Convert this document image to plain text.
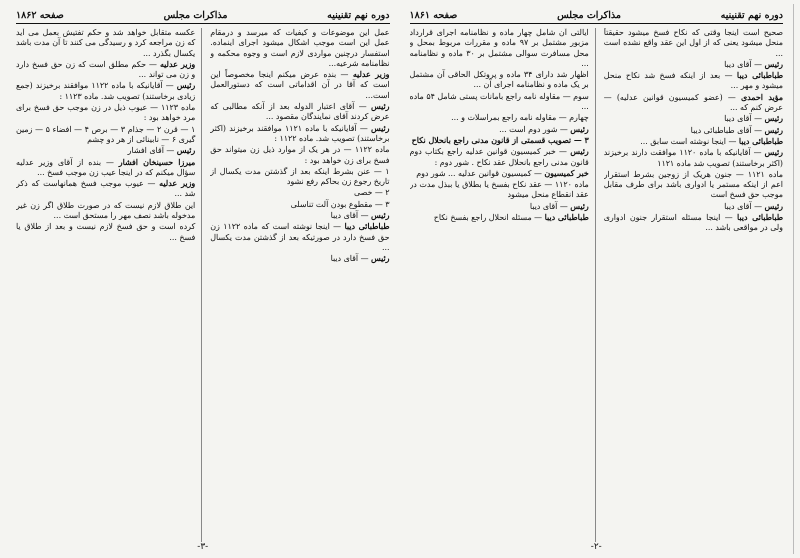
دوره نهم تقنينيه
مذاكرات مجلس
صفحه ۱۸۶۲

عمل این موضوعات و کیفیات که میرسد و درمقام عمل این است موجب اشکال میشود اجرای اینماده. استفسار درچنین مواردی لازم است و وجوه محکمه و نظامنامه شرعیه...

وزیر عدلیه — بنده عرض میکنم اینجا مخصوصاً این است که آقا در آن اقداماتی است که دستورالعمل است...

رئیس — آقای اعتبار الدوله بعد از آنکه مطالبی که عرض کردند آقای نمایندگان مقصود ...

رئیس — آقایانیکه با ماده ۱۱۲۱ موافقند برخیزند (اکثر برخاستند) تصویب شد. ماده ۱۱۲۲ :

ماده ۱۱۲۲ — در هر یک از موارد ذیل زن میتواند حق فسخ برای زن خواهد بود :

۱ — عنن بشرط اینکه بعد از گذشتن مدت یکسال از تاریخ رجوع زن بحاکم رفع نشود

۲ — خصی

۳ — مقطوع بودن آلت تناسلی

رئیس — آقای دیبا

طباطبائی دیبا — اینجا نوشته است که ماده ۱۱۲۲ زن حق فسخ دارد در صورتیکه بعد از گذشتن مدت یکسال ...

رئیس — آقای دیبا

عکسه متقابل خواهد شد و حکم تفتیش بعمل می آید که زن مراجعه کرد و رسیدگی می کنند تا آن مدت باشد یکسال بگذرد ...

وزیر عدلیه — حکم مطلق است که زن حق فسخ دارد و زن می تواند ...

رئیس — آقایانیکه با ماده ۱۱۲۲ موافقند برخیزند (جمع زیادی برخاستند) تصویب شد. ماده ۱۱۲۳ :

ماده ۱۱۲۳ — عیوب ذیل در زن موجب حق فسخ برای مرد خواهد بود :

۱ — قرن ۲ — جذام ۳ — برص ۴ — افضاء ۵ — زمین گیری ۶ — نابینائی از هر دو چشم

رئیس — آقای افشار

میرزا حسینخان افشار — بنده از آقای وزیر عدلیه سؤال میکنم که در اینجا عیب زن موجب فسخ ...

وزیر عدلیه — عیوب موجب فسخ همانهاست که ذکر شد ...

این طلاق لازم نیست که در صورت طلاق اگر زن غیر مدخوله باشد نصف مهر را مستحق است ...

کرده است و حق فسخ لازم نیست و بعد از طلاق یا فسخ ...

-۳-
دوره نهم تقنينيه
مذاكرات مجلس
صفحه ۱۸۶۱

صحیح است اینجا وقتی که نکاح فسخ میشود حقیقتاً منحل میشود یعنی که از اول این عقد واقع نشده است ...

رئیس — آقای دیبا

طباطبائی دیبا — بعد از اینکه فسخ شد نکاح منحل میشود و مهر ...

مؤید احمدی — (عضو کمیسیون قوانین عدلیه) — عرض کنم که ...

رئیس — آقای دیبا

رئیس — آقای طباطبائی دیبا

طباطبائی دیبا — اینجا نوشته است سابق ...

رئیس — آقایانیکه با ماده ۱۱۲۰ موافقت دارند برخیزند (اکثر برخاستند) تصویب شد ماده ۱۱۲۱

ماده ۱۱۲۱ — جنون هریک از زوجین بشرط استقرار اعم از اینکه مستمر یا ادواری باشد برای طرف مقابل موجب حق فسخ است

رئیس — آقای دیبا

طباطبائی دیبا — اینجا مسئله استقرار جنون ادواری ولی در مواقعی باشد ...

ایالتی آن شامل چهار ماده و نظامنامه اجرای قرارداد مزبور مشتمل بر ۹۷ ماده و مقررات مربوط بمحل و محل مسافرت سوالی مشتمل بر ۳۰ ماده و نظامنامه ...

اظهار شد دارای ۳۴ ماده و پروتکل الحاقی آن مشتمل بر یک ماده و نظامنامه اجرای آن ...

سوم — مقاوله نامه راجع بامانات پستی شامل ۵۴ ماده ...

چهارم — مقاوله نامه راجع بمراسلات و ...

رئیس — شور دوم است ...

۳ — تصویب قسمتی از قانون مدنی راجع بانحلال نکاح

رئیس — خبر کمیسیون قوانین عدلیه راجع بکتاب دوم قانون مدنی راجع بانحلال عقد نکاح . شور دوم :

خبر کمیسیون — کمیسیون قوانین عدلیه ... شور دوم

ماده ۱۱۲۰ — عقد نکاح بفسخ یا بطلاق یا ببذل مدت در عقد انقطاع منحل میشود

رئیس — آقای دیبا

طباطبائی دیبا — مسئله انحلال راجع بفسخ نکاح

-۲-
